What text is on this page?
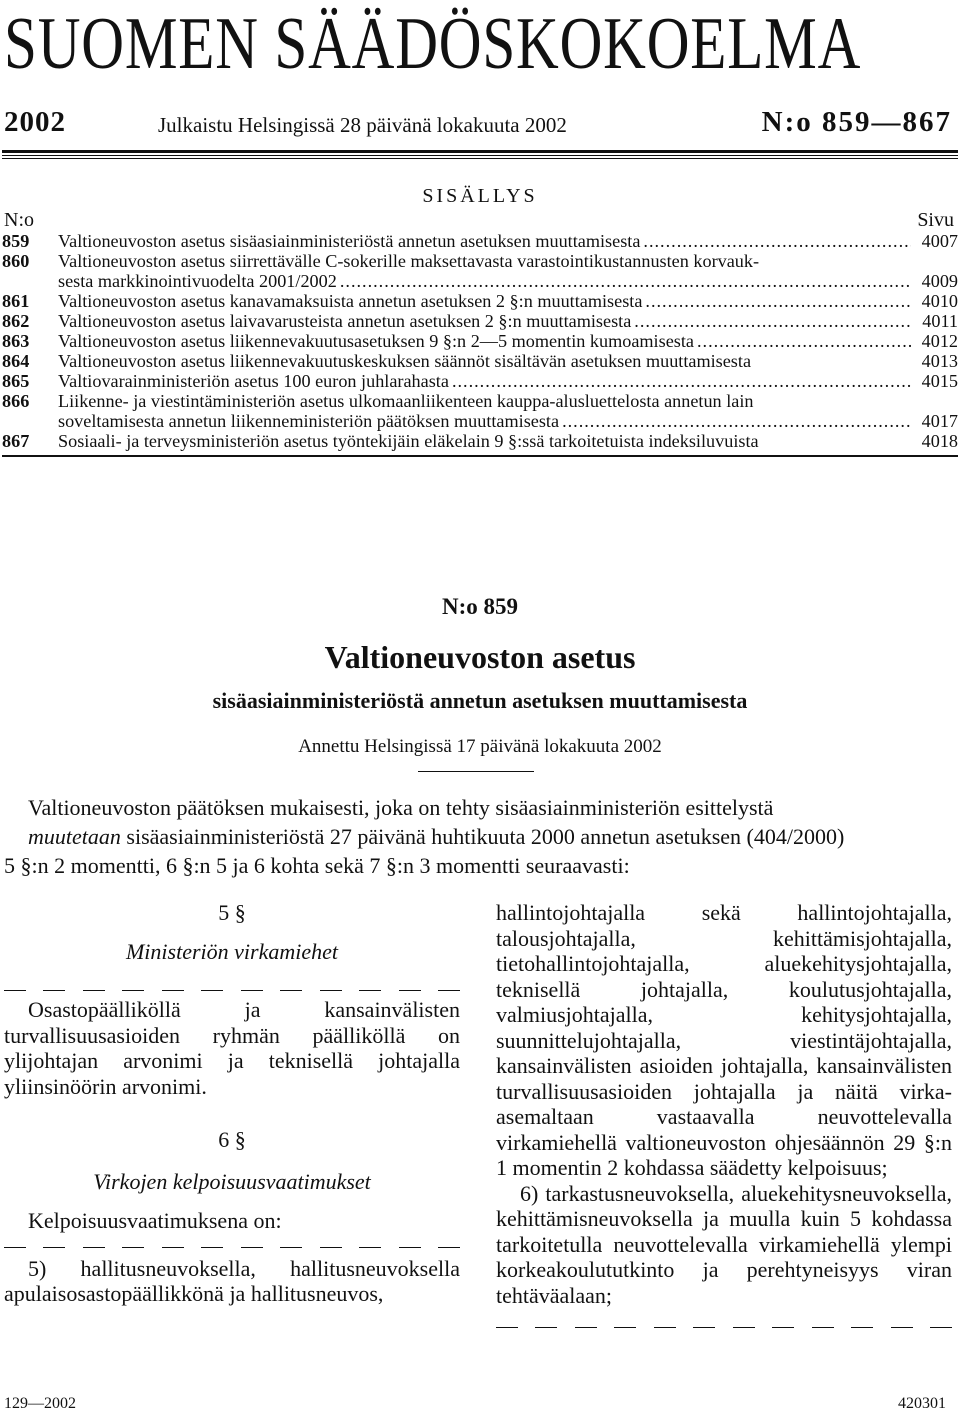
SUOMEN SÄÄDÖSKOKOELMA
2002	Julkaistu Helsingissä 28 päivänä lokakuuta 2002	N:o 859—867
SISÄLLYS
N:o	Sivu
859	Valtioneuvoston asetus sisäasiainministeriöstä annetun asetuksen muuttamisesta .....	4007
860	Valtioneuvoston asetus siirrettävälle C-sokerille maksettavasta varastointikustannusten korvauk-
sesta markkinointivuodelta 2001/2002 .....	4009
861	Valtioneuvoston asetus kanavamaksuista annetun asetuksen 2 §:n muuttamisesta .....	4010
862	Valtioneuvoston asetus laivavarusteista annetun asetuksen 2 §:n muuttamisesta .....	4011
863	Valtioneuvoston asetus liikennevakuutusasetuksen 9 §:n 2—5 momentin kumoamisesta .....	4012
864	Valtioneuvoston asetus liikennevakuutuskeskuksen säännöt sisältävän asetuksen muuttamisesta	4013
865	Valtiovarainministeriön asetus 100 euron juhlarahasta .....	4015
866	Liikenne- ja viestintäministeriön asetus ulkomaanliikenteen kauppa-alusluettelosta annetun lain
soveltamisesta annetun liikenneministeriön päätöksen muuttamisesta .....	4017
867	Sosiaali- ja terveysministeriön asetus työntekijäin eläkelain 9 §:ssä tarkoitetuista indeksiluvuista	4018
N:o 859
Valtioneuvoston asetus
sisäasiainministeriöstä annetun asetuksen muuttamisesta
Annettu Helsingissä 17 päivänä lokakuuta 2002

Valtioneuvoston päätöksen mukaisesti, joka on tehty sisäasiainministeriön esittelystä

muutetaan sisäasiainministeriöstä 27 päivänä huhtikuuta 2000 annetun asetuksen (404/2000)

5 §:n 2 momentti, 6 §:n 5 ja 6 kohta sekä 7 §:n 3 momentti seuraavasti:

5 §

Ministeriön virkamiehet

Osastopäälliköllä ja kansainvälisten turvallisuusasioiden ryhmän päälliköllä on ylijohtajan arvonimi ja teknisellä johtajalla yliinsinöörin arvonimi.

6 §

Virkojen kelpoisuusvaatimukset

Kelpoisuusvaatimuksena on:

5) hallitusneuvoksella, hallitusneuvoksella apulaisosastopäällikkönä ja hallitusneuvos,

hallintojohtajalla sekä hallintojohtajalla, talousjohtajalla, kehittämisjohtajalla, tietohallintojohtajalla, aluekehitysjohtajalla, teknisellä johtajalla, koulutusjohtajalla, valmiusjohtajalla, kehitysjohtajalla, suunnittelujohtajalla, viestintäjohtajalla, kansainvälisten asioiden johtajalla, kansainvälisten turvallisuusasioiden johtajalla ja näitä virka-asemaltaan vastaavalla neuvottelevalla virkamiehellä valtioneuvoston ohjesäännön 29 §:n 1 momentin 2 kohdassa säädetty kelpoisuus;

6) tarkastusneuvoksella, aluekehitysneuvoksella, kehittämisneuvoksella ja muulla kuin 5 kohdassa tarkoitetulla neuvottelevalla virkamiehellä ylempi korkeakoulututkinto ja perehtyneisyys viran tehtäväalaan;

129—2002	420301
